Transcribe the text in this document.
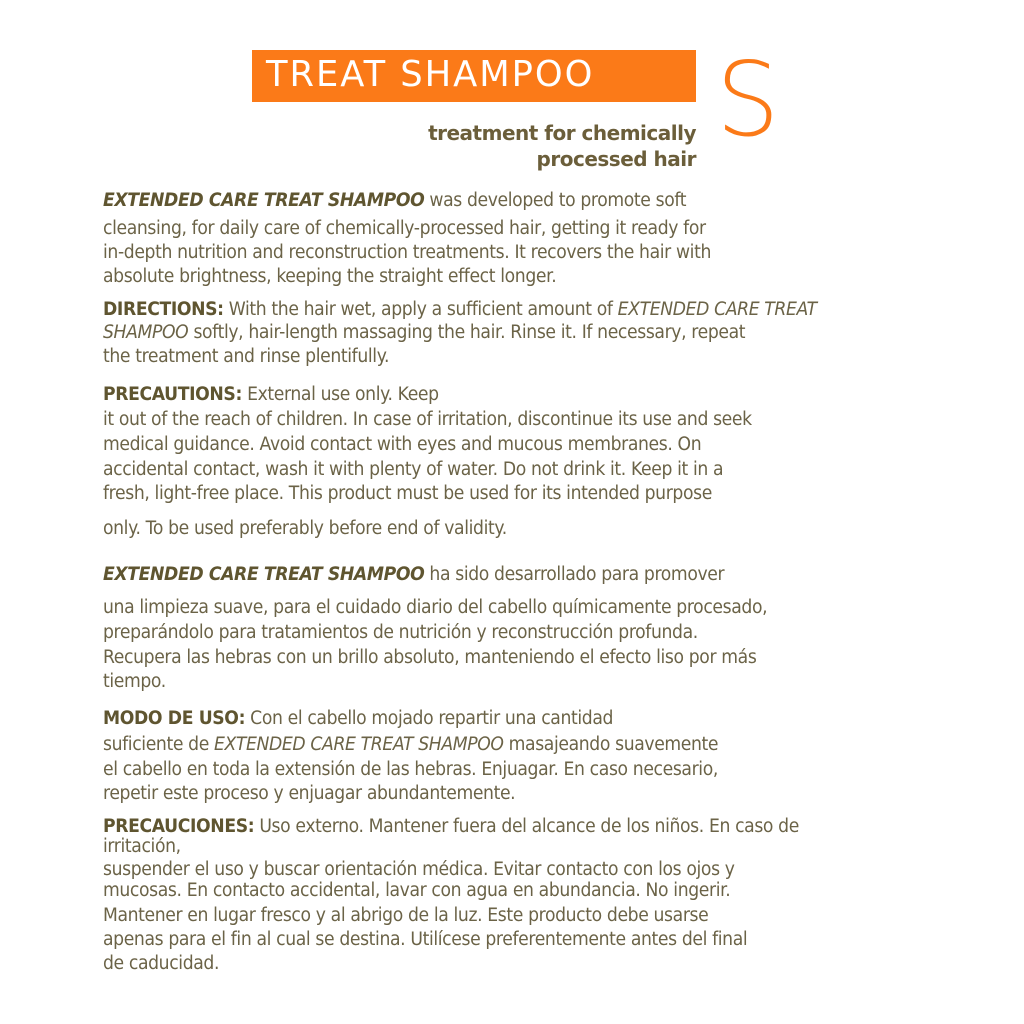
TREAT SHAMPOO S
treatment for chemically
processed hair
EXTENDED CARE TREAT SHAMPOO was developed to promote soft
cleansing, for daily care of chemically-processed hair, getting it ready for
in-depth nutrition and reconstruction treatments. It recovers the hair with
absolute brightness, keeping the straight effect longer.
DIRECTIONS: With the hair wet, apply a sufficient amount of EXTENDED CARE TREAT
SHAMPOO softly, hair-length massaging the hair. Rinse it. If necessary, repeat
the treatment and rinse plentifully.
PRECAUTIONS: External use only. Keep
it out of the reach of children. In case of irritation, discontinue its use and seek
medical guidance. Avoid contact with eyes and mucous membranes. On
accidental contact, wash it with plenty of water. Do not drink it. Keep it in a
fresh, light-free place. This product must be used for its intended purpose
only. To be used preferably before end of validity.
EXTENDED CARE TREAT SHAMPOO ha sido desarrollado para promover
una limpieza suave, para el cuidado diario del cabello químicamente procesado,
preparándolo para tratamientos de nutrición y reconstrucción profunda.
Recupera las hebras con un brillo absoluto, manteniendo el efecto liso por más
tiempo.
MODO DE USO: Con el cabello mojado repartir una cantidad
suficiente de EXTENDED CARE TREAT SHAMPOO masajeando suavemente
el cabello en toda la extensión de las hebras. Enjuagar. En caso necesario,
repetir este proceso y enjuagar abundantemente.
PRECAUCIONES: Uso externo. Mantener fuera del alcance de los niños. En caso de
irritación,
suspender el uso y buscar orientación médica. Evitar contacto con los ojos y
mucosas. En contacto accidental, lavar con agua en abundancia. No ingerir.
Mantener en lugar fresco y al abrigo de la luz. Este producto debe usarse
apenas para el fin al cual se destina. Utilícese preferentemente antes del final
de caducidad.
